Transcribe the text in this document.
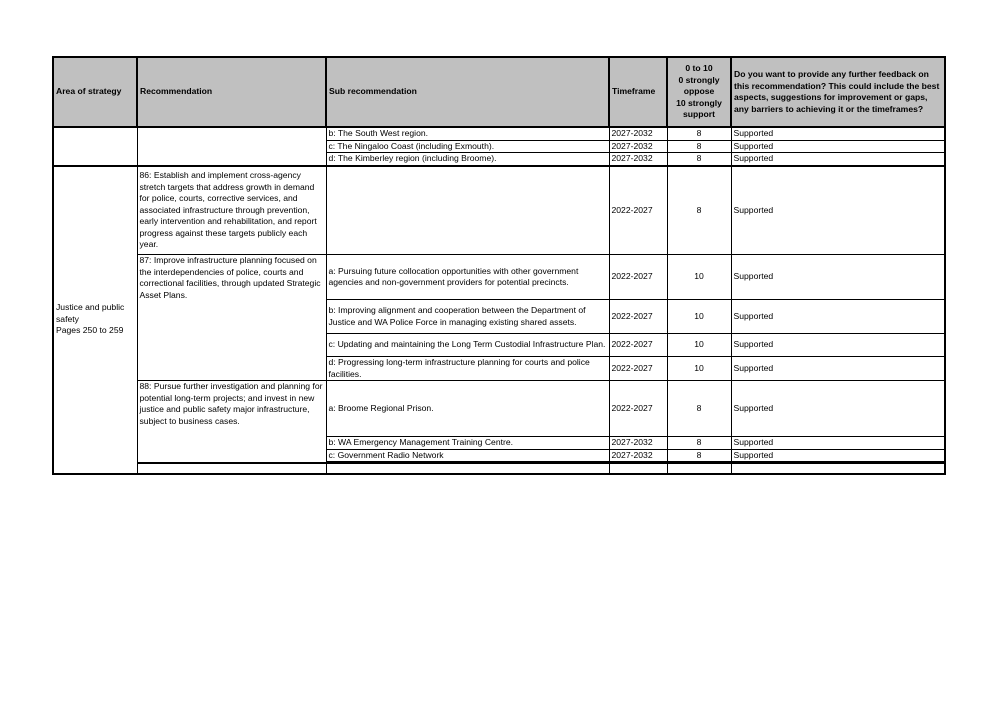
Area of strategy	Recommendation	Sub recommendation	Timeframe	0 to 10
0 strongly
oppose
10 strongly
support	Do you want to provide any further feedback on this recommendation? This could include the best aspects, suggestions for improvement or gaps, any barriers to achieving it or the timeframes?
		b: The South West region.	2027-2032	8	Supported
		c: The Ningaloo Coast (including Exmouth).	2027-2032	8	Supported
		d: The Kimberley region (including Broome).	2027-2032	8	Supported

Justice and public safety
Pages 250 to 259	86: Establish and implement cross-agency stretch targets that address growth in demand for police, courts, corrective services, and associated infrastructure through prevention, early intervention and rehabilitation, and report progress against these targets publicly each year.		2022-2027	8	Supported
	87: Improve infrastructure planning focused on the interdependencies of police, courts and correctional facilities, through updated Strategic Asset Plans.	a: Pursuing future collocation opportunities with other government agencies and non-government providers for potential precincts.	2022-2027	10	Supported
		b: Improving alignment and cooperation between the Department of Justice and WA Police Force in managing existing shared assets.	2022-2027	10	Supported
		c: Updating and maintaining the Long Term Custodial Infrastructure Plan.	2022-2027	10	Supported
		d: Progressing long-term infrastructure planning for courts and police facilities.	2022-2027	10	Supported
	88: Pursue further investigation and planning for potential long-term projects; and invest in new justice and public safety major infrastructure, subject to business cases.	a: Broome Regional Prison.	2022-2027	8	Supported
		b: WA Emergency Management Training Centre.	2027-2032	8	Supported
		c: Government Radio Network	2027-2032	8	Supported
